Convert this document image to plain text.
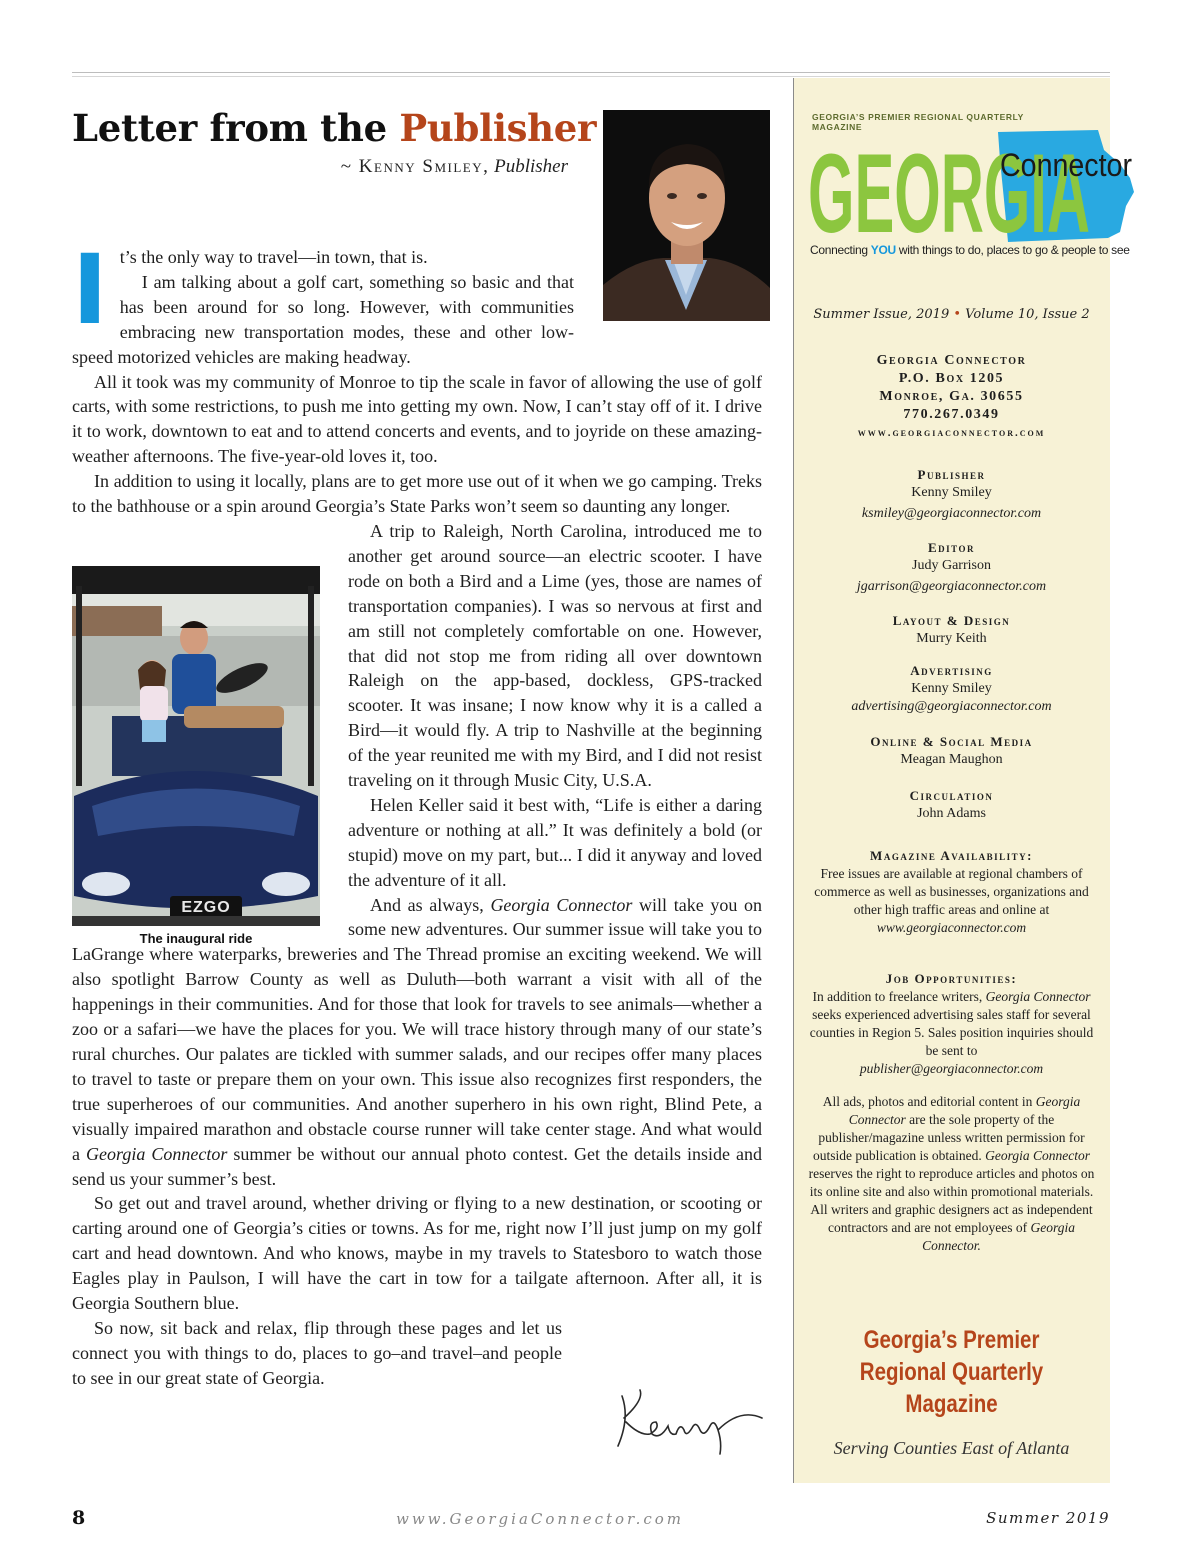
Letter from the Publisher
~ Kenny Smiley, Publisher
EZGO
The inaugural ride
I t’s the only way to travel—in town, that is.

I am talking about a golf cart, something so basic and that has been around for so long. However, with communities embracing new transportation modes, these and other low-speed motorized vehicles are making headway.

All it took was my community of Monroe to tip the scale in favor of allowing the use of golf carts, with some restrictions, to push me into getting my own. Now, I can’t stay off of it. I drive it to work, downtown to eat and to attend concerts and events, and to joyride on these amazing-weather afternoons. The five-year-old loves it, too.

In addition to using it locally, plans are to get more use out of it when we go camping. Treks to the bathhouse or a spin around Georgia’s State Parks won’t seem so daunting any longer.

A trip to Raleigh, North Carolina, introduced me to another get around source—an electric scooter. I have rode on both a Bird and a Lime (yes, those are names of transportation companies). I was so nervous at first and am still not completely comfortable on one. However, that did not stop me from riding all over downtown Raleigh on the app-based, dockless, GPS-tracked scooter. It was insane; I now know why it is a called a Bird—it would fly. A trip to Nashville at the beginning of the year reunited me with my Bird, and I did not resist traveling on it through Music City, U.S.A.

Helen Keller said it best with, “Life is either a daring adventure or nothing at all.” It was definitely a bold (or stupid) move on my part, but... I did it anyway and loved the adventure of it all.

And as always, Georgia Connector will take you on some new adventures. Our summer issue will take you to LaGrange where waterparks, breweries and The Thread promise an exciting weekend. We will also spotlight Barrow County as well as Duluth—both warrant a visit with all of the happenings in their communities. And for those that look for travels to see animals—whether a zoo or a safari—we have the places for you. We will trace history through many of our state’s rural churches. Our palates are tickled with summer salads, and our recipes offer many places to travel to taste or prepare them on your own. This issue also recognizes first responders, the true superheroes of our communities. And another superhero in his own right, Blind Pete, a visually impaired marathon and obstacle course runner will take center stage. And what would a Georgia Connector summer be without our annual photo contest. Get the details inside and send us your summer’s best.

So get out and travel around, whether driving or flying to a new destination, or scooting or carting around one of Georgia’s cities or towns. As for me, right now I’ll just jump on my golf cart and head downtown. And who knows, maybe in my travels to Statesboro to watch those Eagles play in Paulson, I will have the cart in tow for a tailgate afternoon. After all, it is Georgia Southern blue.

So now, sit back and relax, flip through these pages and let us connect you with things to do, places to go–and travel–and people to see in our great state of Georgia.

GEORGIA’S PREMIER REGIONAL QUARTERLY MAGAZINE
GEORGIA
Connector
Connecting YOU with things to do, places to go & people to see
Summer Issue, 2019 • Volume 10, Issue 2
Georgia Connector
P.O. Box 1205
Monroe, Ga. 30655
770.267.0349
www.georgiaconnector.com
Publisher
Kenny Smiley
ksmiley@georgiaconnector.com
Editor
Judy Garrison
jgarrison@georgiaconnector.com
Layout & Design
Murry Keith
Advertising
Kenny Smiley
advertising@georgiaconnector.com
Online & Social Media
Meagan Maughon
Circulation
John Adams
Magazine Availability:
Free issues are available at regional chambers of commerce as well as businesses, organizations and other high traffic areas and online at
www.georgiaconnector.com
Job Opportunities:
In addition to freelance writers, Georgia Connector seeks experienced advertising sales staff for several counties in Region 5. Sales position inquiries should be sent to
publisher@georgiaconnector.com
All ads, photos and editorial content in Georgia Connector are the sole property of the publisher/magazine unless written permission for outside publication is obtained. Georgia Connector reserves the right to reproduce articles and photos on its online site and also within promotional materials. All writers and graphic designers act as independent contractors and are not employees of Georgia Connector.
Georgia’s Premier Regional Quarterly Magazine
Serving Counties East of Atlanta
8	www.GeorgiaConnector.com	Summer 2019
